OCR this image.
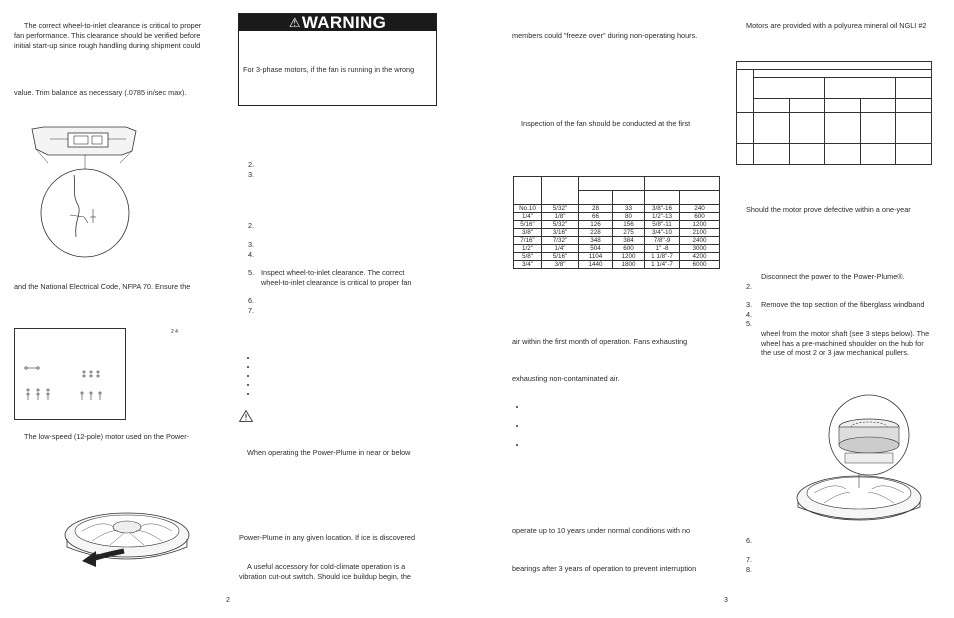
The correct wheel-to-inlet clearance is critical to proper
fan performance. This clearance should be verified before
initial start-up since rough handling during shipment could
value. Trim balance as necessary (.0785 in/sec max).
and the National Electrical Code, NFPA 70. Ensure the
2 4
The low-speed (12-pole) motor used on the Power-
⚠WARNING
For 3-phase motors, if the fan is running in the wrong
2.
3.
2.
3.
4.
5. Inspect wheel-to-inlet clearance. The correct
wheel-to-inlet clearance is critical to proper fan
6.
7.
When operating the Power-Plume in near or below
Power-Plume in any given location. If ice is discovered
A useful accessory for cold-climate operation is a
vibration cut-out switch. Should ice buildup begin, the
2
members could "freeze over" during non-operating hours.
Inspection of the fan should be conducted at the first

No.10	5/32"	28	33	3/8"-16	240
1/4"	1/8"	66	80	1/2"-13	600
5/16"	5/32"	126	156	5/8"-11	1200
3/8"	3/16"	228	275	3/4"-10	2100
7/16"	7/32"	348	384	7/8"-9	2400
1/2"	1/4"	504	600	1" -8	3000
5/8"	5/16"	1104	1200	1 1/8"-7	4200
3/4"	3/8"	1440	1800	1 1/4"-7	6000
air within the first month of operation. Fans exhausting
exhausting non-contaminated air.
operate up to 10 years under normal conditions with no
bearings after 3 years of operation to prevent interruption
3
Motors are provided with a polyurea mineral oil NGLI #2

Should the motor prove defective within a one-year
Disconnect the power to the Power-Plume®.
2.
3. Remove the top section of the fiberglass windband
4.
5.
wheel from the motor shaft (see 3 steps below). The
wheel has a pre-machined shoulder on the hub for
the use of most 2 or 3 jaw mechanical pullers.
6.
7.
8.
